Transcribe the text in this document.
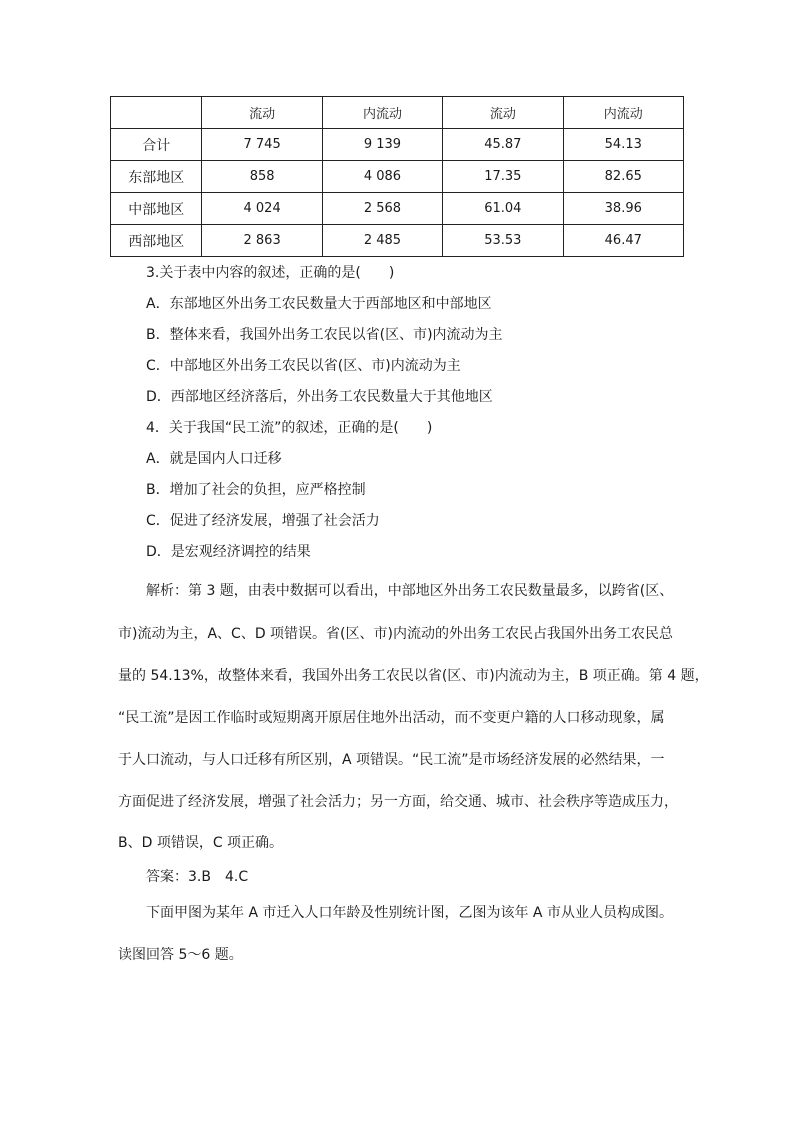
	流动	内流动	流动	内流动
合计	7 745	9 139	45.87	54.13
东部地区	858	4 086	17.35	82.65
中部地区	4 024	2 568	61.04	38.96
西部地区	2 863	2 485	53.53	46.47
3.关于表中内容的叙述，正确的是(　　)
A．东部地区外出务工农民数量大于西部地区和中部地区
B．整体来看，我国外出务工农民以省(区、市)内流动为主
C．中部地区外出务工农民以省(区、市)内流动为主
D．西部地区经济落后，外出务工农民数量大于其他地区
4．关于我国“民工流”的叙述，正确的是(　　)
A．就是国内人口迁移
B．增加了社会的负担，应严格控制
C．促进了经济发展，增强了社会活力
D．是宏观经济调控的结果
解析：第 3 题，由表中数据可以看出，中部地区外出务工农民数量最多，以跨省(区、
市)流动为主，A、C、D 项错误。省(区、市)内流动的外出务工农民占我国外出务工农民总
量的 54.13%，故整体来看，我国外出务工农民以省(区、市)内流动为主，B 项正确。第 4 题，
“民工流”是因工作临时或短期离开原居住地外出活动，而不变更户籍的人口移动现象，属
于人口流动，与人口迁移有所区别，A 项错误。“民工流”是市场经济发展的必然结果，一
方面促进了经济发展，增强了社会活力；另一方面，给交通、城市、社会秩序等造成压力，
B、D 项错误，C 项正确。
答案：3.B　4.C
下面甲图为某年 A 市迁入人口年龄及性别统计图，乙图为该年 A 市从业人员构成图。
读图回答 5～6 题。
